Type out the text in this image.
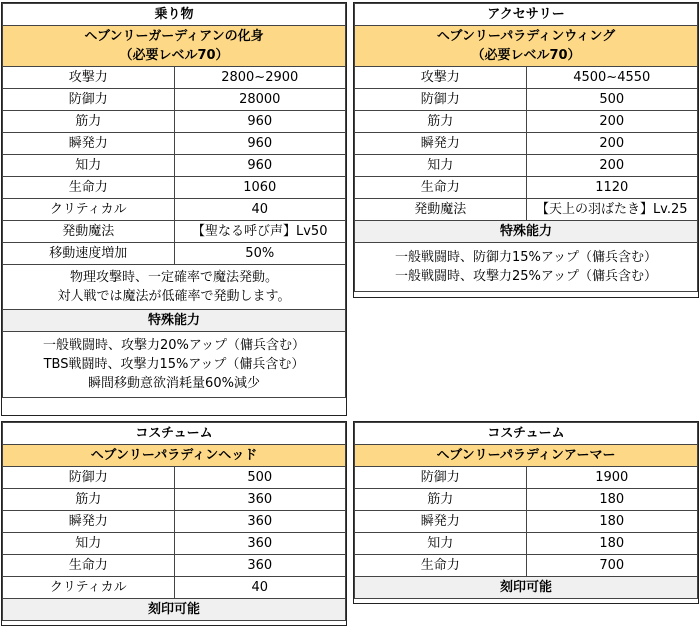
乗り物	

ヘブンリーガーディアンの化身
（必要レベル70）	

攻撃力	2800~2900
防御力	28000
筋力	960
瞬発力	960
知力	960
生命力	1060
クリティカル	40
発動魔法	【聖なる呼び声】Lv50
移動速度増加	50%

物理攻撃時、一定確率で魔法発動。
対人戦では魔法が低確率で発動します。	

特殊能力	

一般戦闘時、攻撃力20%アップ（傭兵含む）
TBS戦闘時、攻撃力15%アップ（傭兵含む）
瞬間移動意欲消耗量60%減少	
アクセサリー	

ヘブンリーパラディンウィング
（必要レベル70）	

攻撃力	4500~4550
防御力	500
筋力	200
瞬発力	200
知力	200
生命力	1120
発動魔法	【天上の羽ばたき】Lv.25
特殊能力	

一般戦闘時、防御力15%アップ（傭兵含む）
一般戦闘時、攻撃力25%アップ（傭兵含む）	
コスチューム	
ヘブンリーパラディンヘッド	
防御力	500
筋力	360
瞬発力	360
知力	360
生命力	360
クリティカル	40
刻印可能	
コスチューム	
ヘブンリーパラディンアーマー	
防御力	1900
筋力	180
瞬発力	180
知力	180
生命力	700
刻印可能	
